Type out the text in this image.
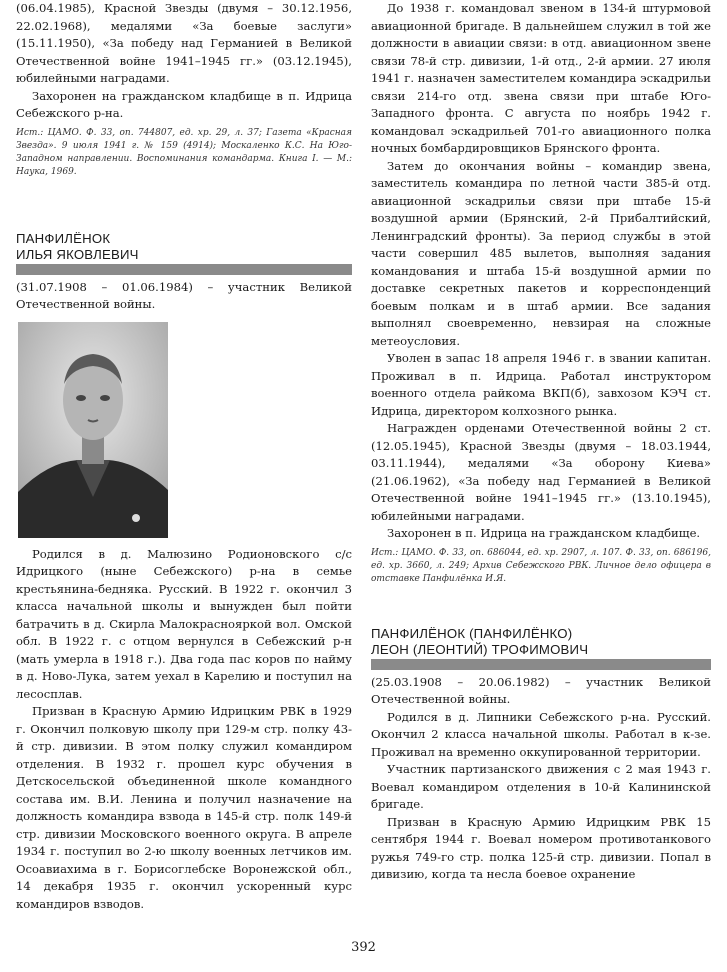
(06.04.1985), Красной Звезды (двумя – 30.12.1956, 22.02.1968), медалями «За боевые заслуги» (15.11.1950), «За победу над Германией в Великой Отечественной войне 1941–1945 гг.» (03.12.1945), юбилейными наградами.

Захоронен на гражданском кладбище в п. Идрица Себежского р-на.

Ист.: ЦАМО. Ф. 33, оп. 744807, ед. хр. 29, л. 37; Газета «Красная Звезда». 9 июля 1941 г. № 159 (4914); Москаленко К.С. На Юго-Западном направлении. Воспоминания командарма. Книга I. — М.: Наука, 1969.

ПАНФИЛЁНОК
ИЛЬЯ ЯКОВЛЕВИЧ

(31.07.1908 – 01.06.1984) – участник Великой Отечественной войны.

Родился в д. Малюзино Родионовского с/с Идрицкого (ныне Себежского) р-на в семье крестьянина-бедняка. Русский. В 1922 г. окончил 3 класса начальной школы и вынужден был пойти батрачить в д. Скирла Малокраснояркой вол. Омской обл. В 1922 г. с отцом вернулся в Себежский р-н (мать умерла в 1918 г.). Два года пас коров по найму в д. Ново-Лука, затем уехал в Карелию и поступил на лесосплав.

Призван в Красную Армию Идрицким РВК в 1929 г. Окончил полковую школу при 129-м стр. полку 43-й стр. дивизии. В этом полку служил командиром отделения. В 1932 г. прошел курс обучения в Детскосельской объединенной школе командного состава им. В.И. Ленина и получил назначение на должность командира взвода в 145-й стр. полк 149-й стр. дивизии Московского военного округа. В апреле 1934 г. поступил во 2-ю школу военных летчиков им. Осоавиахима в г. Борисоглебске Воронежской обл., 14 декабря 1935 г. окончил ускоренный курс командиров взводов.

До 1938 г. командовал звеном в 134-й штурмовой авиационной бригаде. В дальнейшем служил в той же должности в авиации связи: в отд. авиационном звене связи 78-й стр. дивизии, 1-й отд., 2-й армии. 27 июля 1941 г. назначен заместителем командира эскадрильи связи 214-го отд. звена связи при штабе Юго-Западного фронта. С августа по ноябрь 1942 г. командовал эскадрильей 701-го авиационного полка ночных бомбардировщиков Брянского фронта.

Затем до окончания войны – командир звена, заместитель командира по летной части 385-й отд. авиационной эскадрильи связи при штабе 15-й воздушной армии (Брянский, 2-й Прибалтийский, Ленинградский фронты). За период службы в этой части совершил 485 вылетов, выполняя задания командования и штаба 15-й воздушной армии по доставке секретных пакетов и корреспонденций боевым полкам и в штаб армии. Все задания выполнял своевременно, невзирая на сложные метеоусловия.

Уволен в запас 18 апреля 1946 г. в звании капитан. Проживал в п. Идрица. Работал инструктором военного отдела райкома ВКП(б), завхозом КЭЧ ст. Идрица, директором колхозного рынка.

Награжден орденами Отечественной войны 2 ст. (12.05.1945), Красной Звезды (двумя – 18.03.1944, 03.11.1944), медалями «За оборону Киева» (21.06.1962), «За победу над Германией в Великой Отечественной войне 1941–1945 гг.» (13.10.1945), юбилейными наградами.

Захоронен в п. Идрица на гражданском кладбище.

Ист.: ЦАМО. Ф. 33, оп. 686044, ед. хр. 2907, л. 107. Ф. 33, оп. 686196, ед. хр. 3660, л. 249; Архив Себежского РВК. Личное дело офицера в отставке Панфилёнка И.Я.

ПАНФИЛЁНОК (ПАНФИЛЁНКО)
ЛЕОН (ЛЕОНТИЙ) ТРОФИМОВИЧ

(25.03.1908 – 20.06.1982) – участник Великой Отечественной войны.

Родился в д. Липники Себежского р-на. Русский. Окончил 2 класса начальной школы. Работал в к-зе. Проживал на временно оккупированной территории.

Участник партизанского движения с 2 мая 1943 г. Воевал командиром отделения в 10-й Калининской бригаде.

Призван в Красную Армию Идрицким РВК 15 сентября 1944 г. Воевал номером противотанкового ружья 749-го стр. полка 125-й стр. дивизии. Попал в дивизию, когда та несла боевое охранение

392
